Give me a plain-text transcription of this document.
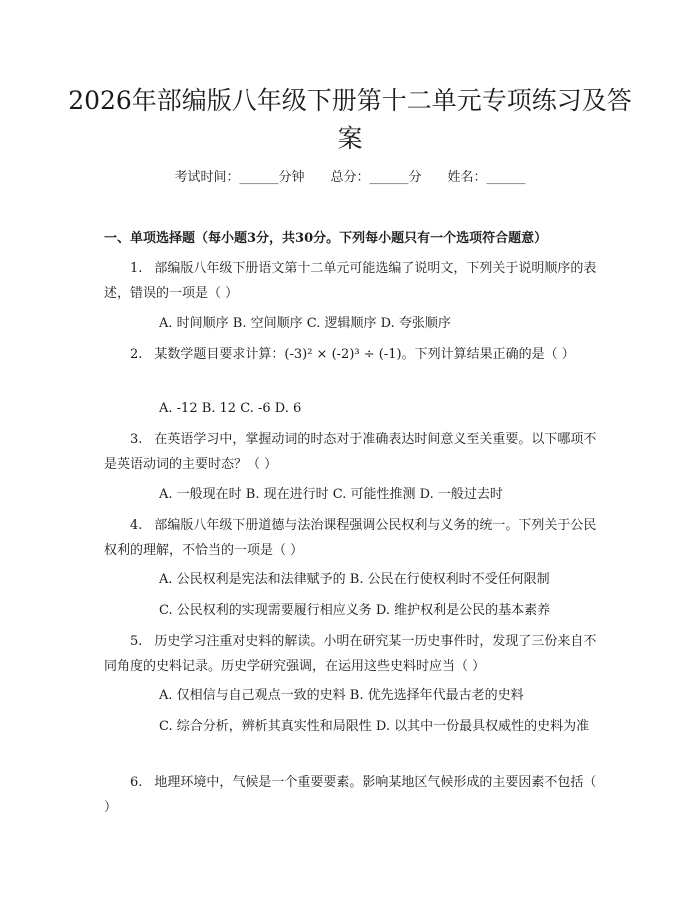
2026年部编版八年级下册第十二单元专项练习及答案
考试时间：______分钟 总分：______分 姓名：______
一、单项选择题（每小题3分，共30分。下列每小题只有一个选项符合题意）

1. 部编版八年级下册语文第十二单元可能选编了说明文，下列关于说明顺序的表述，错误的一项是（ ）

A. 时间顺序 B. 空间顺序 C. 逻辑顺序 D. 夸张顺序

2. 某数学题目要求计算：(-3)² × (-2)³ ÷ (-1)。下列计算结果正确的是（ ）

A. -12 B. 12 C. -6 D. 6

3. 在英语学习中，掌握动词的时态对于准确表达时间意义至关重要。以下哪项不是英语动词的主要时态？（ ）

A. 一般现在时 B. 现在进行时 C. 可能性推测 D. 一般过去时

4. 部编版八年级下册道德与法治课程强调公民权利与义务的统一。下列关于公民权利的理解，不恰当的一项是（ ）

A. 公民权利是宪法和法律赋予的 B. 公民在行使权利时不受任何限制

C. 公民权利的实现需要履行相应义务 D. 维护权利是公民的基本素养

5. 历史学习注重对史料的解读。小明在研究某一历史事件时，发现了三份来自不同角度的史料记录。历史学研究强调，在运用这些史料时应当（ ）

A. 仅相信与自己观点一致的史料 B. 优先选择年代最古老的史料

C. 综合分析，辨析其真实性和局限性 D. 以其中一份最具权威性的史料为准

6. 地理环境中，气候是一个重要要素。影响某地区气候形成的主要因素不包括（ ）
